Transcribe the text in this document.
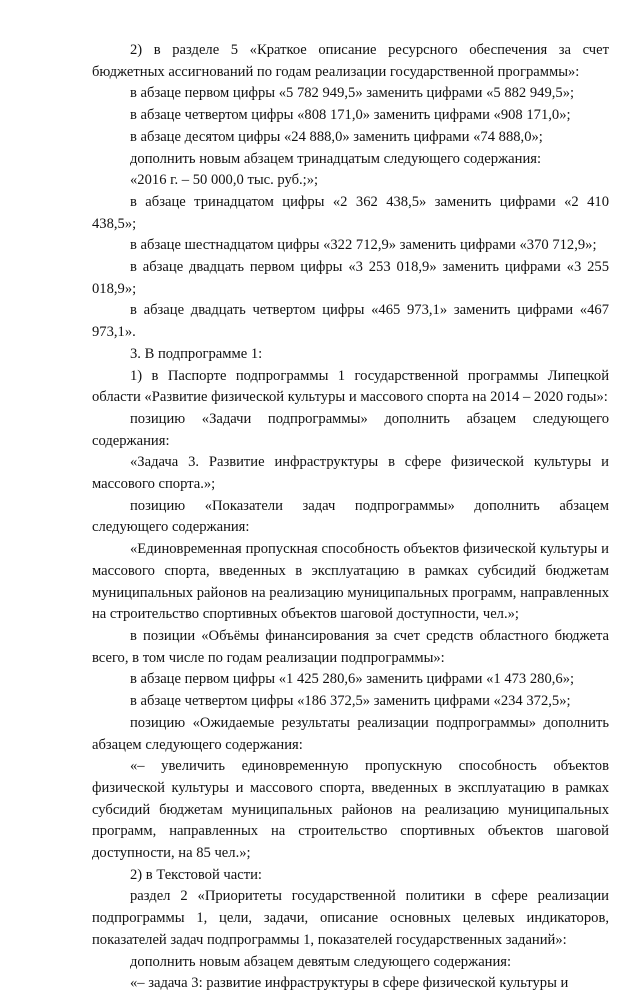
2) в разделе 5 «Краткое описание ресурсного обеспечения за счет бюджетных ассигнований по годам реализации государственной программы»:

в абзаце первом цифры «5 782 949,5» заменить цифрами «5 882 949,5»;

в абзаце четвертом цифры «808 171,0» заменить цифрами «908 171,0»;

в абзаце десятом цифры «24 888,0» заменить цифрами «74 888,0»;

дополнить новым абзацем тринадцатым следующего содержания:

«2016 г. – 50 000,0 тыс. руб.;»;

в абзаце тринадцатом цифры «2 362 438,5» заменить цифрами «2 410 438,5»;

в абзаце шестнадцатом цифры «322 712,9» заменить цифрами «370 712,9»;

в абзаце двадцать первом цифры «3 253 018,9» заменить цифрами «3 255 018,9»;

в абзаце двадцать четвертом цифры «465 973,1» заменить цифрами «467 973,1».

3. В подпрограмме 1:

1) в Паспорте подпрограммы 1 государственной программы Липецкой области «Развитие физической культуры и массового спорта на 2014 – 2020 годы»:

позицию «Задачи подпрограммы» дополнить абзацем следующего содержания:

«Задача 3. Развитие инфраструктуры в сфере физической культуры и массового спорта.»;

позицию «Показатели задач подпрограммы» дополнить абзацем следующего содержания:

«Единовременная пропускная способность объектов физической культуры и массового спорта, введенных в эксплуатацию в рамках субсидий бюджетам муниципальных районов на реализацию муниципальных программ, направленных на строительство спортивных объектов шаговой доступности, чел.»;

в позиции «Объёмы финансирования за счет средств областного бюджета всего, в том числе по годам реализации подпрограммы»:

в абзаце первом цифры «1 425 280,6» заменить цифрами «1 473 280,6»;

в абзаце четвертом цифры «186 372,5» заменить цифрами «234 372,5»;

позицию «Ожидаемые результаты реализации подпрограммы» дополнить абзацем следующего содержания:

«– увеличить единовременную пропускную способность объектов физической культуры и массового спорта, введенных в эксплуатацию в рамках субсидий бюджетам муниципальных районов на реализацию муниципальных программ, направленных на строительство спортивных объектов шаговой доступности, на 85 чел.»;

2) в Текстовой части:

раздел 2 «Приоритеты государственной политики в сфере реализации подпрограммы 1, цели, задачи, описание основных целевых индикаторов, показателей задач подпрограммы 1, показателей государственных заданий»:

дополнить новым абзацем девятым следующего содержания:

«– задача 3: развитие инфраструктуры в сфере физической культуры и
